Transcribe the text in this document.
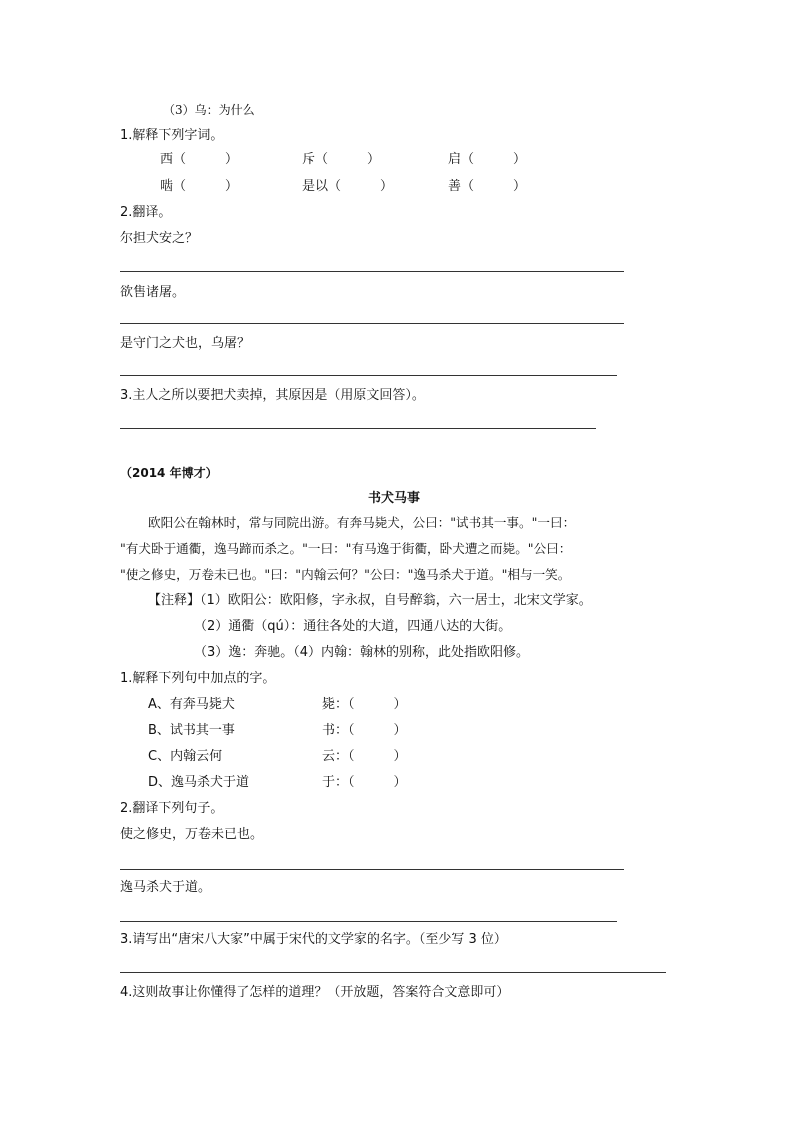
（3）乌：为什么
1.解释下列字词。
西（　　　）	斥（　　　）	启（　　　）
啮（　　　）	是以（　　　）	善（　　　）
2.翻译。
尔担犬安之？
欲售诸屠。
是守门之犬也，乌屠？
3.主人之所以要把犬卖掉，其原因是（用原文回答）。
（2014 年博才）
书犬马事
欧阳公在翰林时，常与同院出游。有奔马毙犬，公曰："试书其一事。"一曰：
"有犬卧于通衢，逸马蹄而杀之。"一曰："有马逸于街衢，卧犬遭之而毙。"公曰：
"使之修史，万卷未已也。"曰："内翰云何？"公曰："逸马杀犬于道。"相与一笑。
【注释】（1）欧阳公：欧阳修，字永叔，自号醉翁，六一居士，北宋文学家。
（2）通衢（qú）：通往各处的大道，四通八达的大街。
（3）逸：奔驰。（4）内翰：翰林的别称，此处指欧阳修。
1.解释下列句中加点的字。
A、有奔马毙犬	毙：（　　　）
B、试书其一事	书：（　　　）
C、内翰云何	云：（　　　）
D、逸马杀犬于道	于：（　　　）
2.翻译下列句子。
使之修史，万卷未已也。
逸马杀犬于道。
3.请写出“唐宋八大家”中属于宋代的文学家的名字。（至少写 3 位）
4.这则故事让你懂得了怎样的道理？（开放题，答案符合文意即可）
